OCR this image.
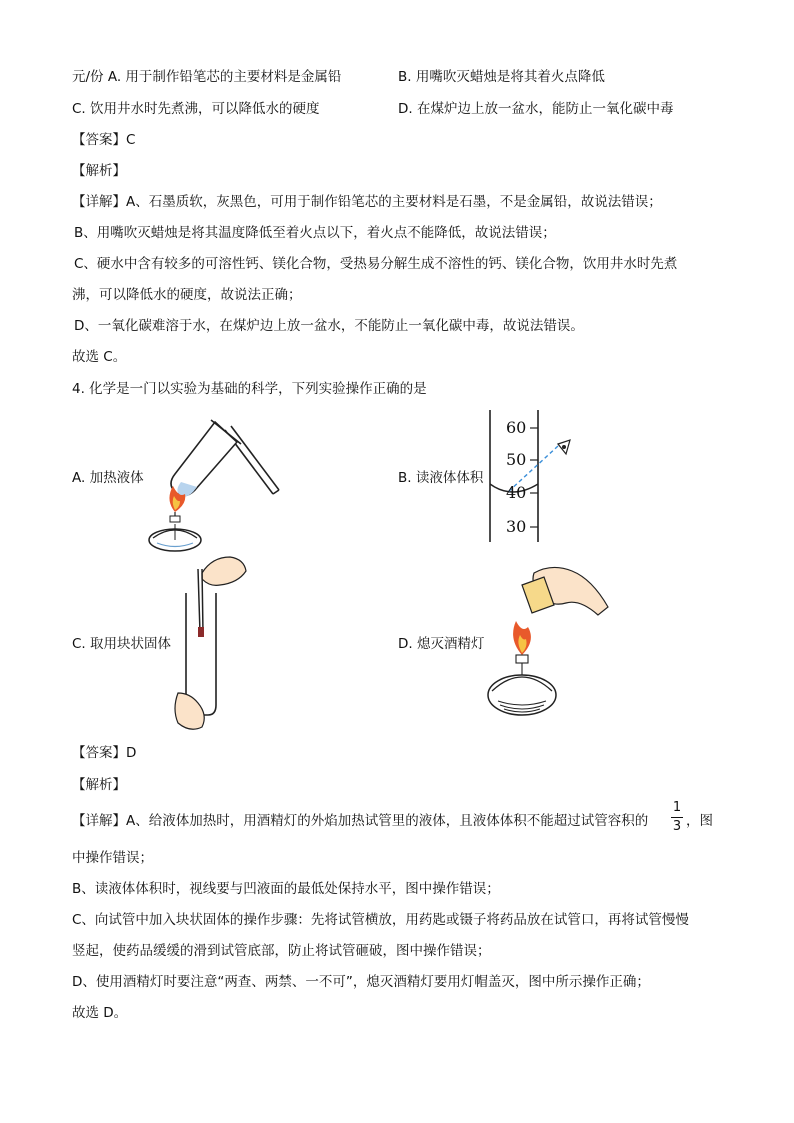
元/份 A. 用于制作铅笔芯的主要材料是金属铅	B. 用嘴吹灭蜡烛是将其着火点降低
C. 饮用井水时先煮沸，可以降低水的硬度	D. 在煤炉边上放一盆水，能防止一氧化碳中毒
【答案】C
【解析】
【详解】A、石墨质软，灰黑色，可用于制作铅笔芯的主要材料是石墨，不是金属铅，故说法错误；
B、用嘴吹灭蜡烛是将其温度降低至着火点以下，着火点不能降低，故说法错误；
C、硬水中含有较多的可溶性钙、镁化合物，受热易分解生成不溶性的钙、镁化合物，饮用井水时先煮
沸，可以降低水的硬度，故说法正确；
D、一氧化碳难溶于水，在煤炉边上放一盆水，不能防止一氧化碳中毒，故说法错误。
故选 C。
4. 化学是一门以实验为基础的科学，下列实验操作正确的是
A. 加热液体	B. 读液体体积
C. 取用块状固体	D. 熄灭酒精灯
60
50
40
30
【答案】D
【解析】
【详解】A、给液体加热时，用酒精灯的外焰加热试管里的液体，且液体体积不能超过试管容积的
1
3 ，图
中操作错误；
B、读液体体积时，视线要与凹液面的最低处保持水平，图中操作错误；
C、向试管中加入块状固体的操作步骤：先将试管横放，用药匙或镊子将药品放在试管口，再将试管慢慢
竖起，使药品缓缓的滑到试管底部，防止将试管砸破，图中操作错误；
D、使用酒精灯时要注意“两查、两禁、一不可”，熄灭酒精灯要用灯帽盖灭，图中所示操作正确；
故选 D。
